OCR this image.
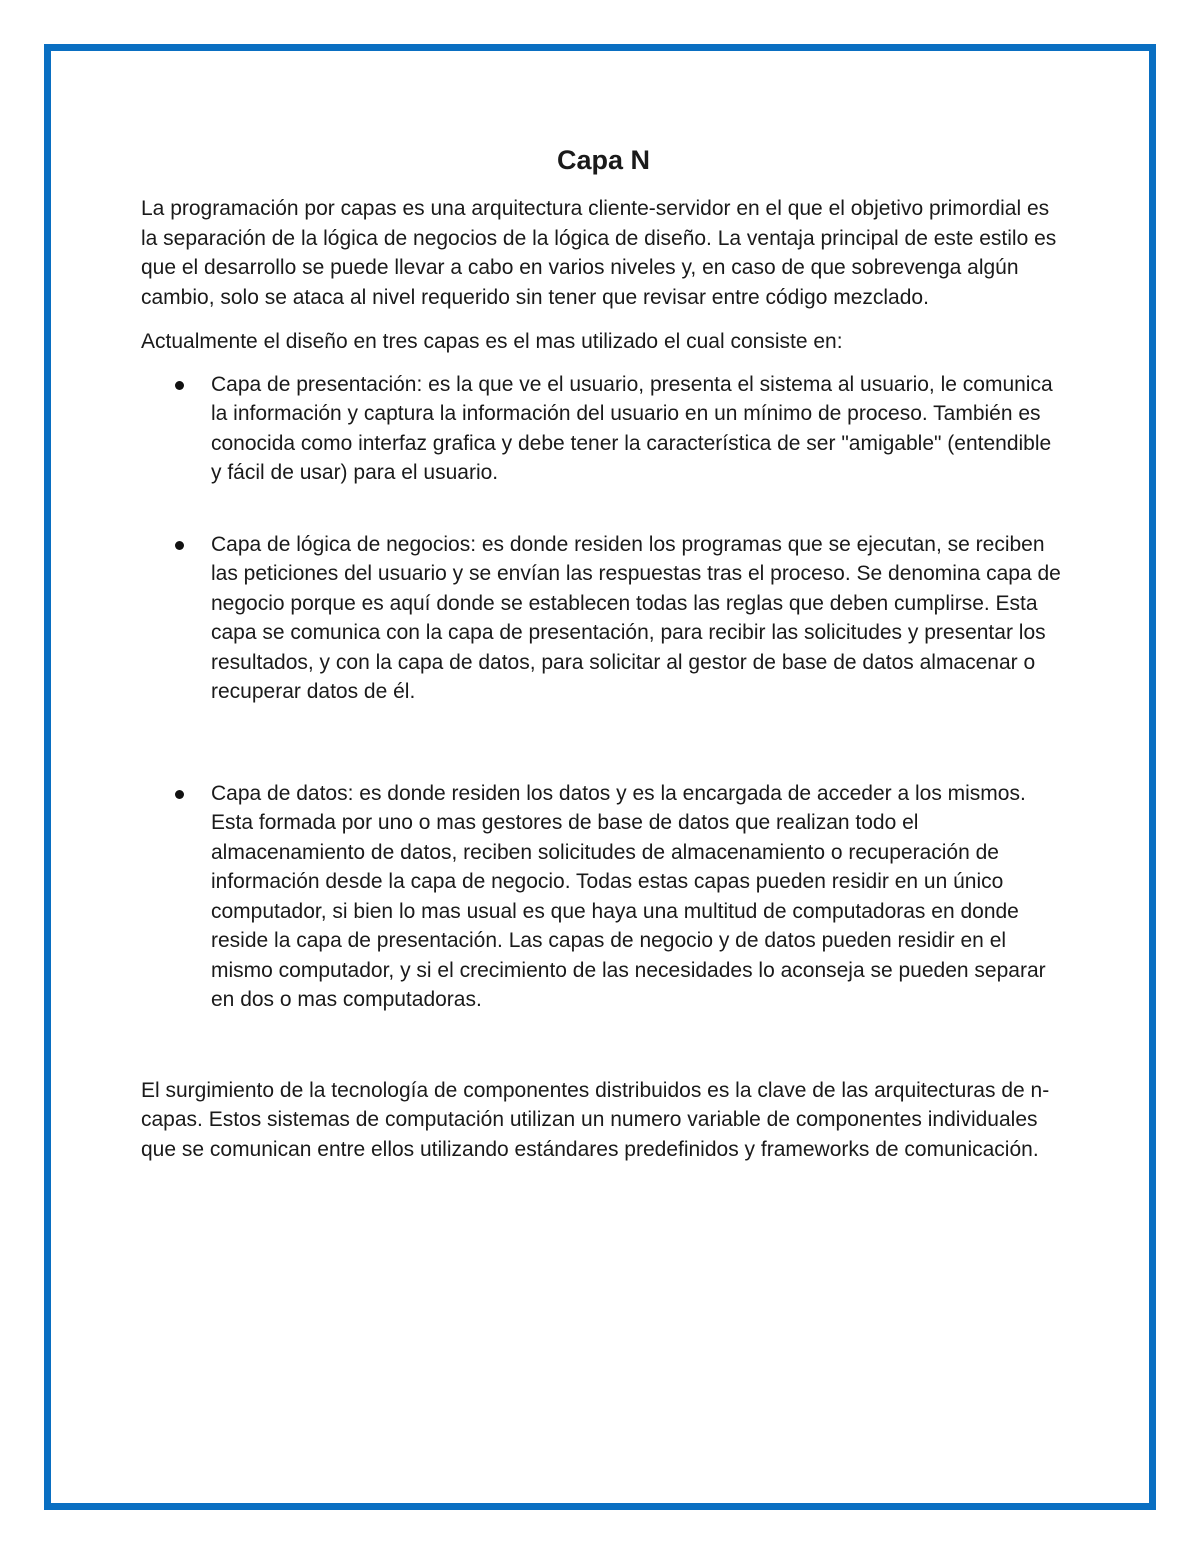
Capa N

La programación por capas es una arquitectura cliente-servidor en el que el objetivo primordial es la separación de la lógica de negocios de la lógica de diseño. La ventaja principal de este estilo es que el desarrollo se puede llevar a cabo en varios niveles y, en caso de que sobrevenga algún cambio, solo se ataca al nivel requerido sin tener que revisar entre código mezclado.

Actualmente el diseño en tres capas es el mas utilizado el cual consiste en:

Capa de presentación: es la que ve el usuario, presenta el sistema al usuario, le comunica la información y captura la información del usuario en un mínimo de proceso. También es conocida como interfaz grafica y debe tener la característica de ser "amigable" (entendible y fácil de usar) para el usuario.
Capa de lógica de negocios: es donde residen los programas que se ejecutan, se reciben las peticiones del usuario y se envían las respuestas tras el proceso. Se denomina capa de negocio porque es aquí donde se establecen todas las reglas que deben cumplirse. Esta capa se comunica con la capa de presentación, para recibir las solicitudes y presentar los resultados, y con la capa de datos, para solicitar al gestor de base de datos almacenar o recuperar datos de él.
Capa de datos: es donde residen los datos y es la encargada de acceder a los mismos. Esta formada por uno o mas gestores de base de datos que realizan todo el almacenamiento de datos, reciben solicitudes de almacenamiento o recuperación de información desde la capa de negocio. Todas estas capas pueden residir en un único computador, si bien lo mas usual es que haya una multitud de computadoras en donde reside la capa de presentación. Las capas de negocio y de datos pueden residir en el mismo computador, y si el crecimiento de las necesidades lo aconseja se pueden separar en dos o mas computadoras.

El surgimiento de la tecnología de componentes distribuidos es la clave de las arquitecturas de n-capas. Estos sistemas de computación utilizan un numero variable de componentes individuales que se comunican entre ellos utilizando estándares predefinidos y frameworks de comunicación.
